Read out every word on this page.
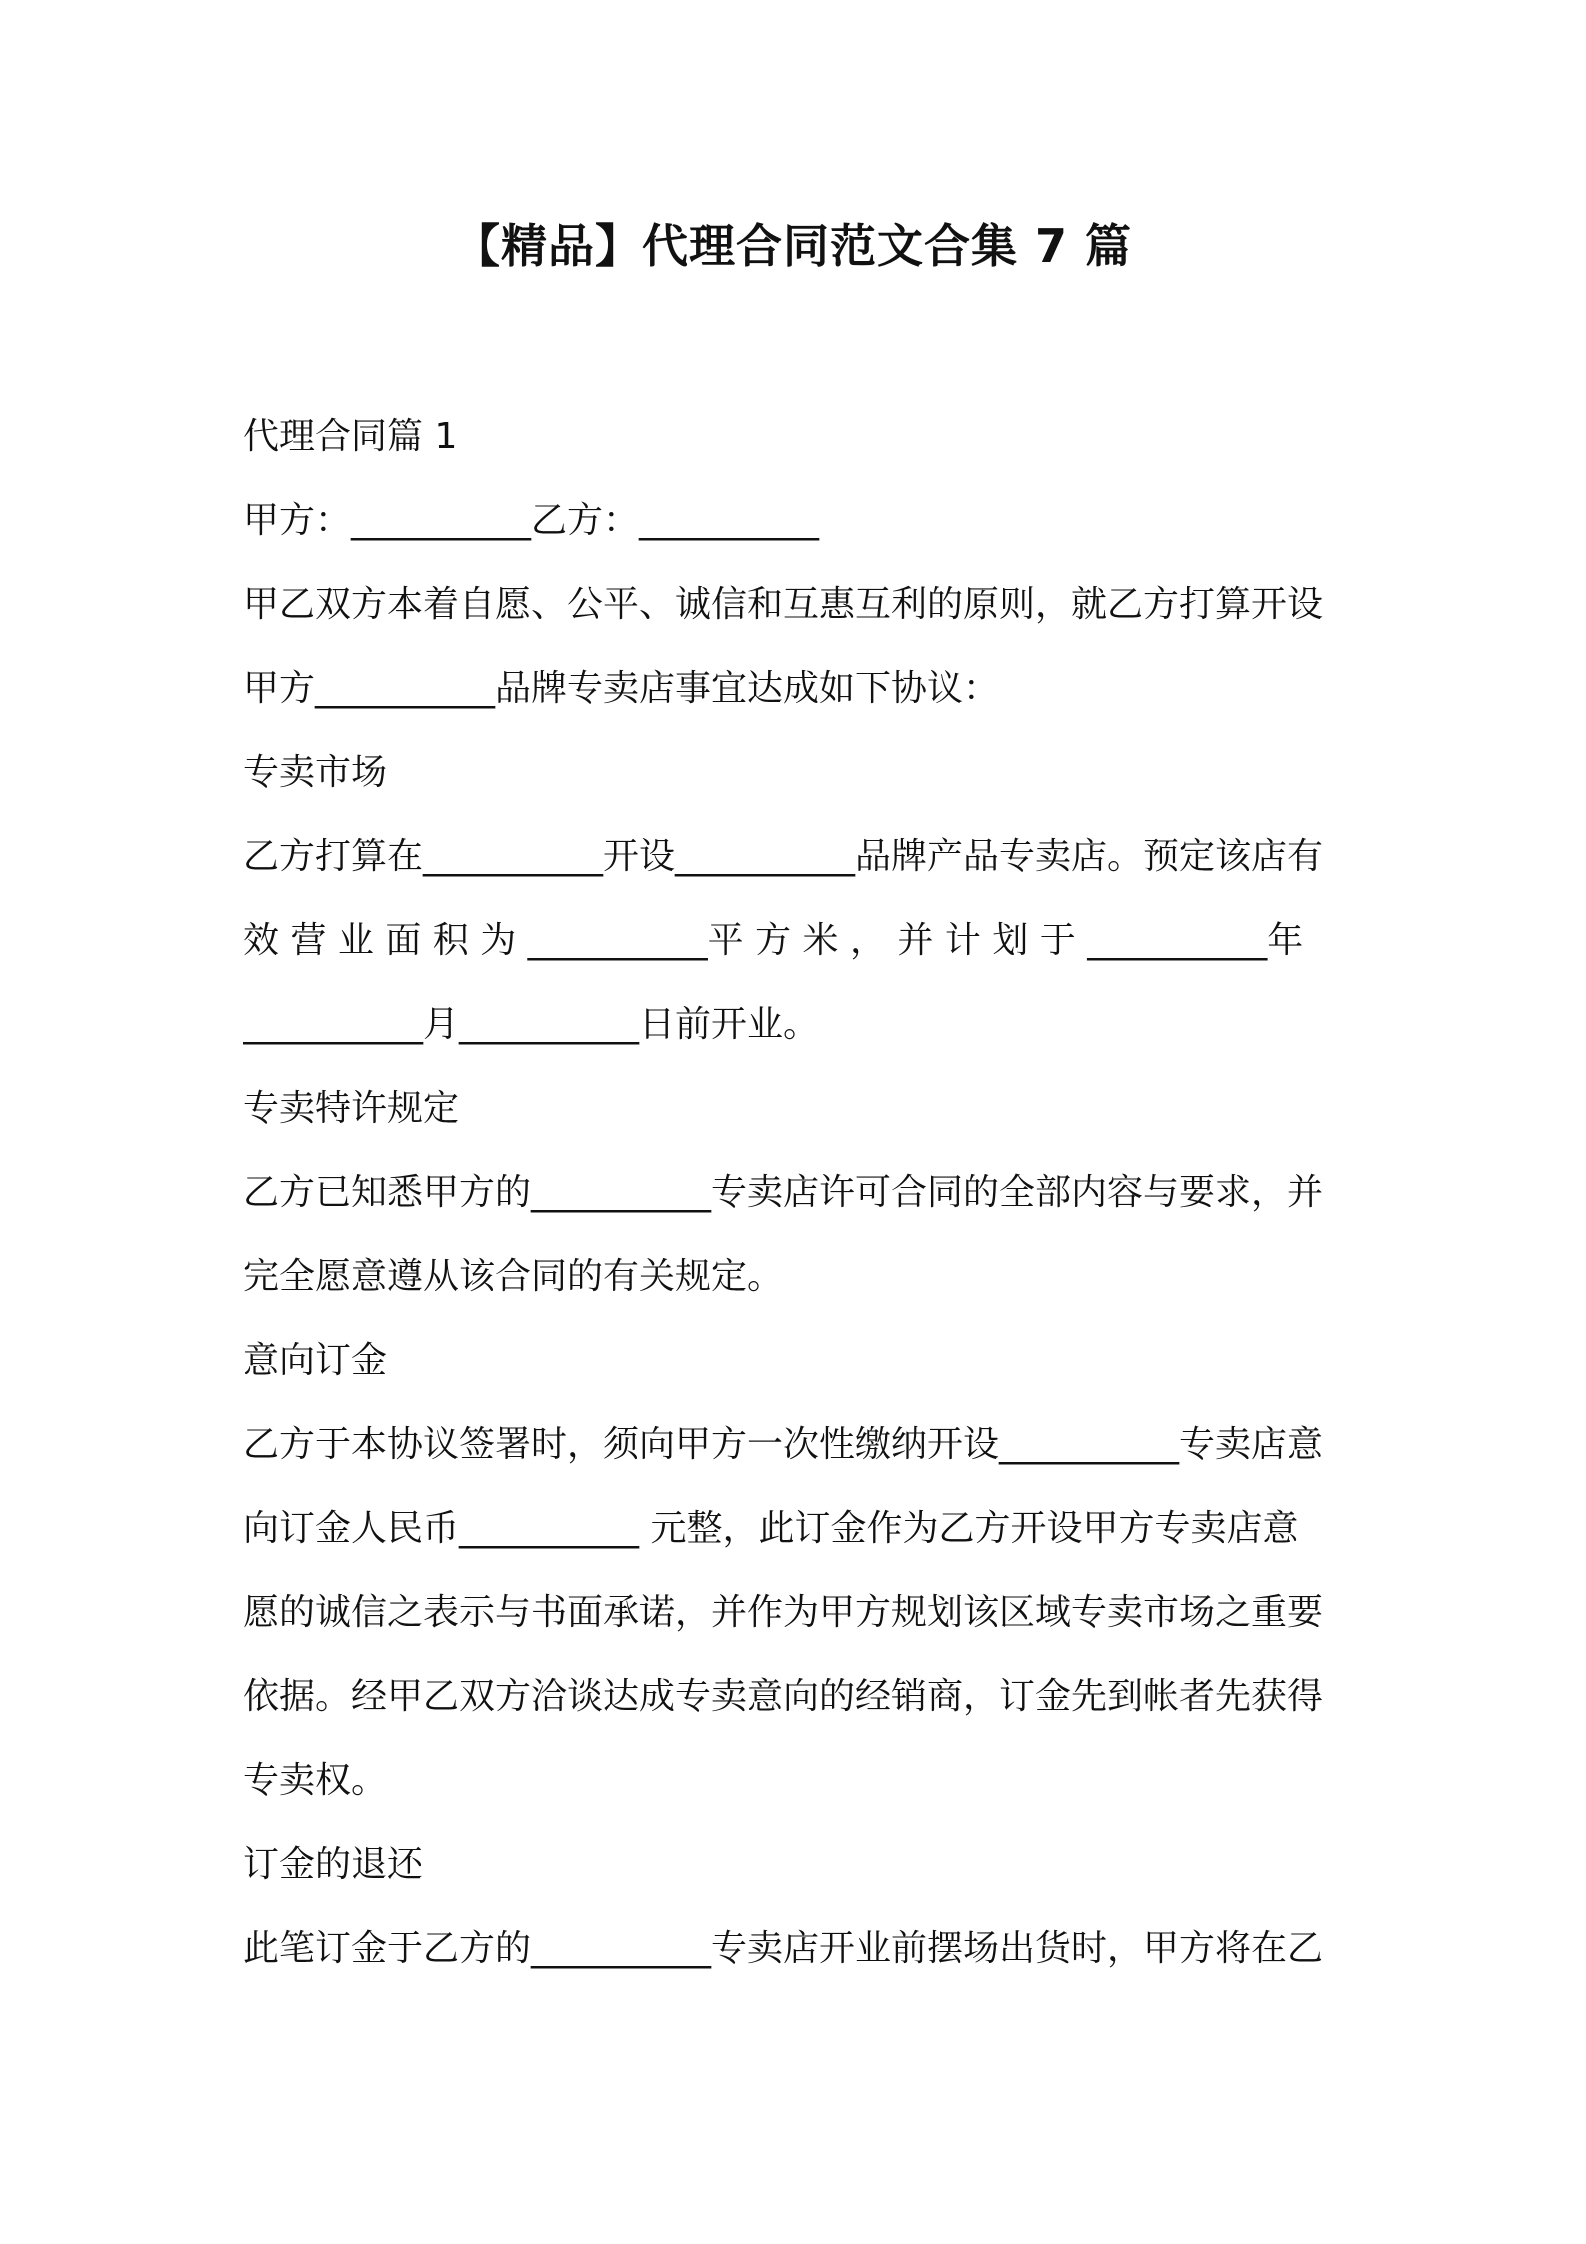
【精品】代理合同范文合集 7 篇
代理合同篇 1
甲方：__________乙方：__________
甲乙双方本着自愿、公平、诚信和互惠互利的原则，就乙方打算开设
甲方__________品牌专卖店事宜达成如下协议：
专卖市场
乙方打算在__________开设__________品牌产品专卖店。预定该店有
效 营 业 面 积 为 __________平 方 米 ， 并 计 划 于 __________年
__________月__________日前开业。
专卖特许规定
乙方已知悉甲方的__________专卖店许可合同的全部内容与要求，并
完全愿意遵从该合同的有关规定。
意向订金
乙方于本协议签署时，须向甲方一次性缴纳开设__________专卖店意
向订金人民币__________ 元整，此订金作为乙方开设甲方专卖店意
愿的诚信之表示与书面承诺，并作为甲方规划该区域专卖市场之重要
依据。经甲乙双方洽谈达成专卖意向的经销商，订金先到帐者先获得
专卖权。
订金的退还
此笔订金于乙方的__________专卖店开业前摆场出货时，甲方将在乙
